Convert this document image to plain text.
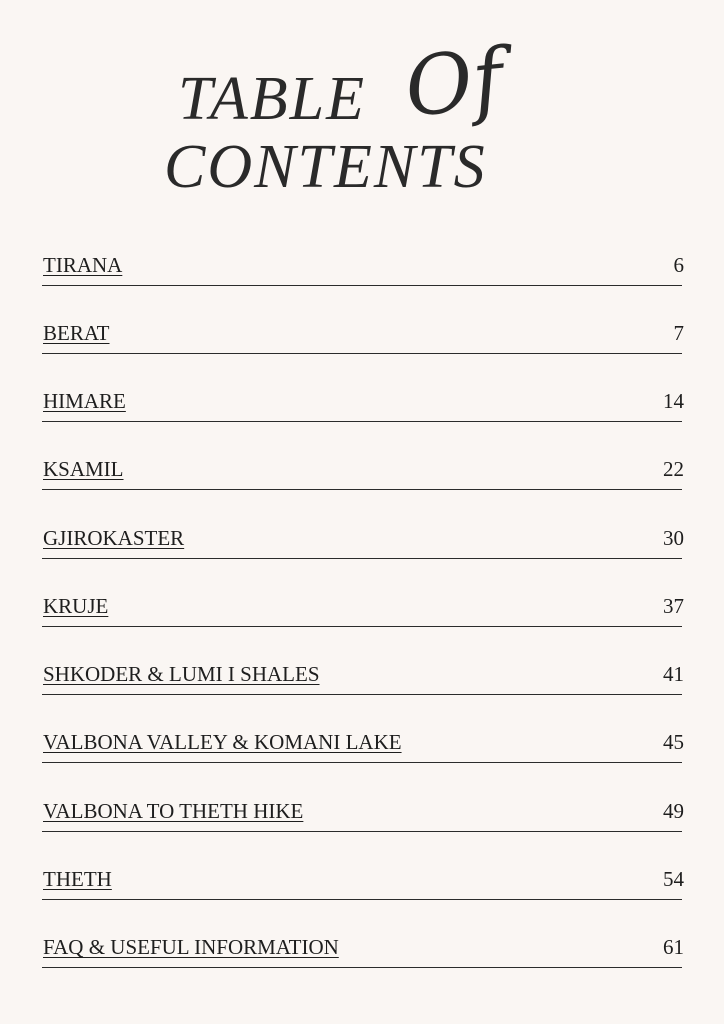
TABLE Of
CONTENTS
TIRANA	6
BERAT	7
HIMARE	14
KSAMIL	22
GJIROKASTER	30
KRUJE	37
SHKODER & LUMI I SHALES	41
VALBONA VALLEY & KOMANI LAKE	45
VALBONA TO THETH HIKE	49
THETH	54
FAQ & USEFUL INFORMATION	61
